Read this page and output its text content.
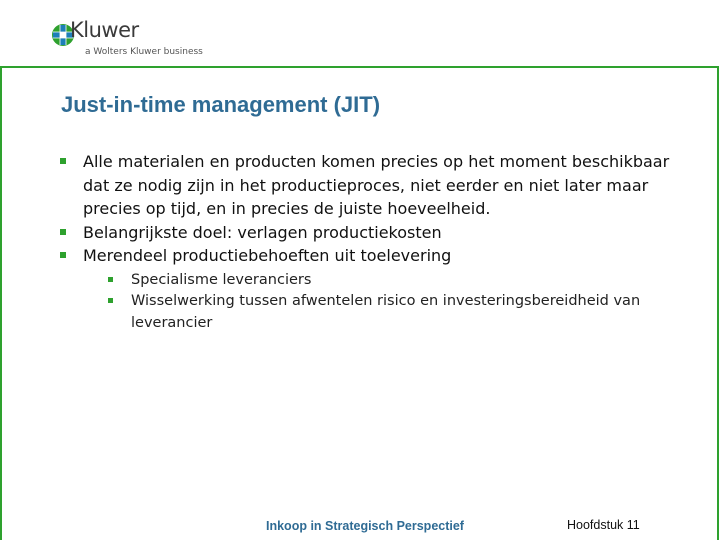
Kluwer
a Wolters Kluwer business
Just-in-time management (JIT)
Alle materialen en producten komen precies op het moment beschikbaar dat ze nodig zijn in het productieproces, niet eerder en niet later maar precies op tijd, en in precies de juiste hoeveelheid.
Belangrijkste doel: verlagen productiekosten
Merendeel productiebehoeften uit toelevering
Specialisme leveranciers
Wisselwerking tussen afwentelen risico en investeringsbereidheid van leverancier
Inkoop in Strategisch Perspectief	Hoofdstuk 11
